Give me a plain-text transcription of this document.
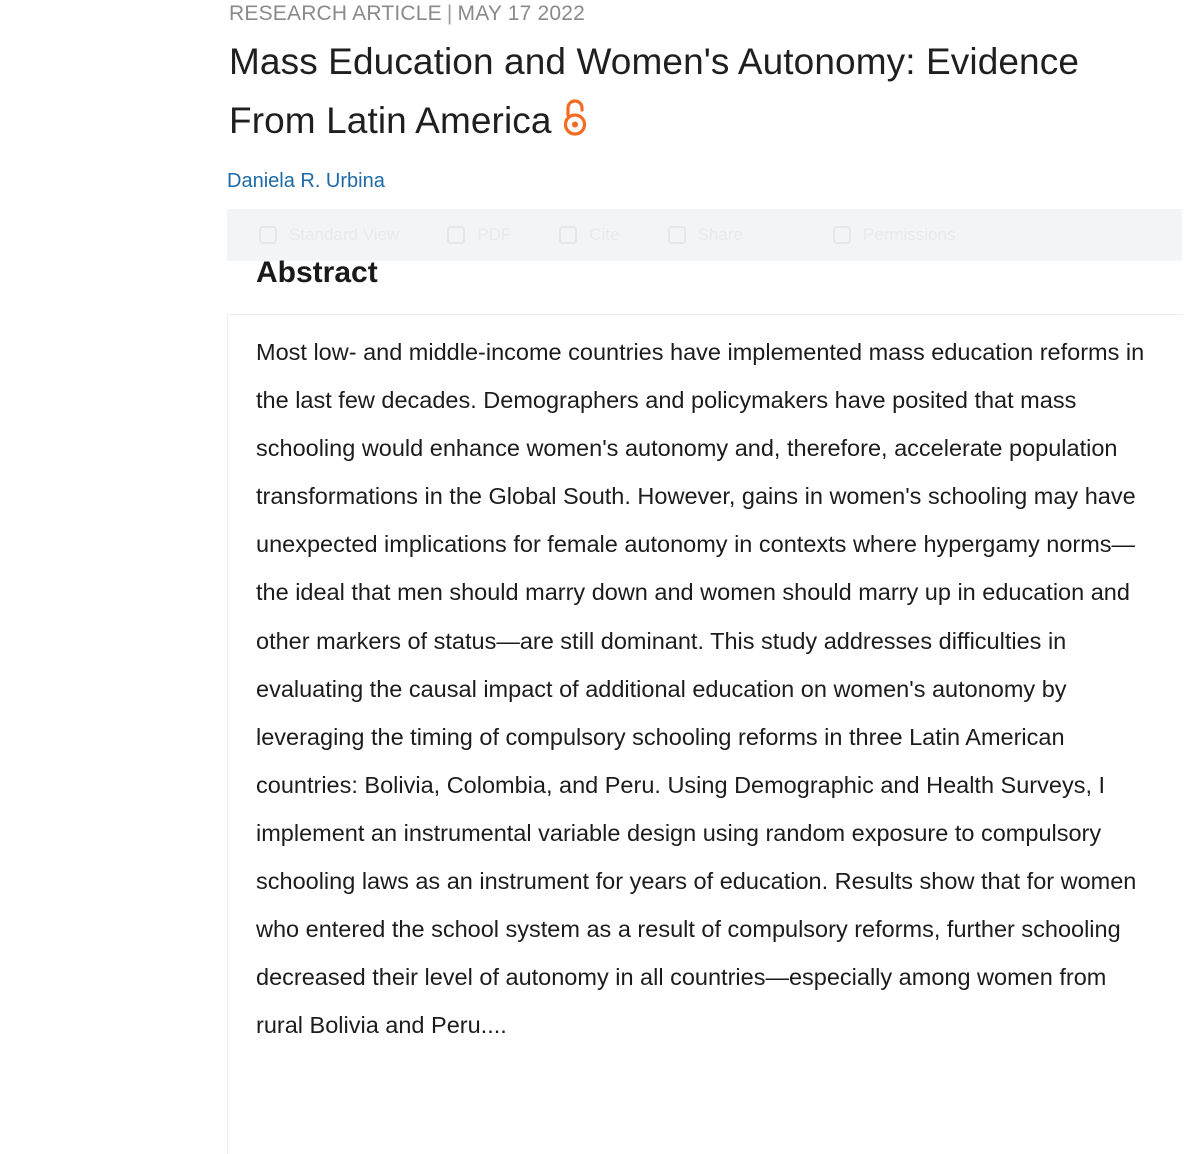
RESEARCH ARTICLE | MAY 17 2022
Mass Education and Women's Autonomy: Evidence From Latin America
Daniela R. Urbina
Standard View	PDF	Cite	Share	Permissions
Abstract

Most low- and middle-income countries have implemented mass education reforms in the last few decades. Demographers and policymakers have posited that mass schooling would enhance women's autonomy and, therefore, accelerate population transformations in the Global South. However, gains in women's schooling may have unexpected implications for female autonomy in contexts where hypergamy norms—the ideal that men should marry down and women should marry up in education and other markers of status—are still dominant. This study addresses difficulties in evaluating the causal impact of additional education on women's autonomy by leveraging the timing of compulsory schooling reforms in three Latin American countries: Bolivia, Colombia, and Peru. Using Demographic and Health Surveys, I implement an instrumental variable design using random exposure to compulsory schooling laws as an instrument for years of education. Results show that for women who entered the school system as a result of compulsory reforms, further schooling decreased their level of autonomy in all countries—especially among women from rural Bolivia and Peru....
